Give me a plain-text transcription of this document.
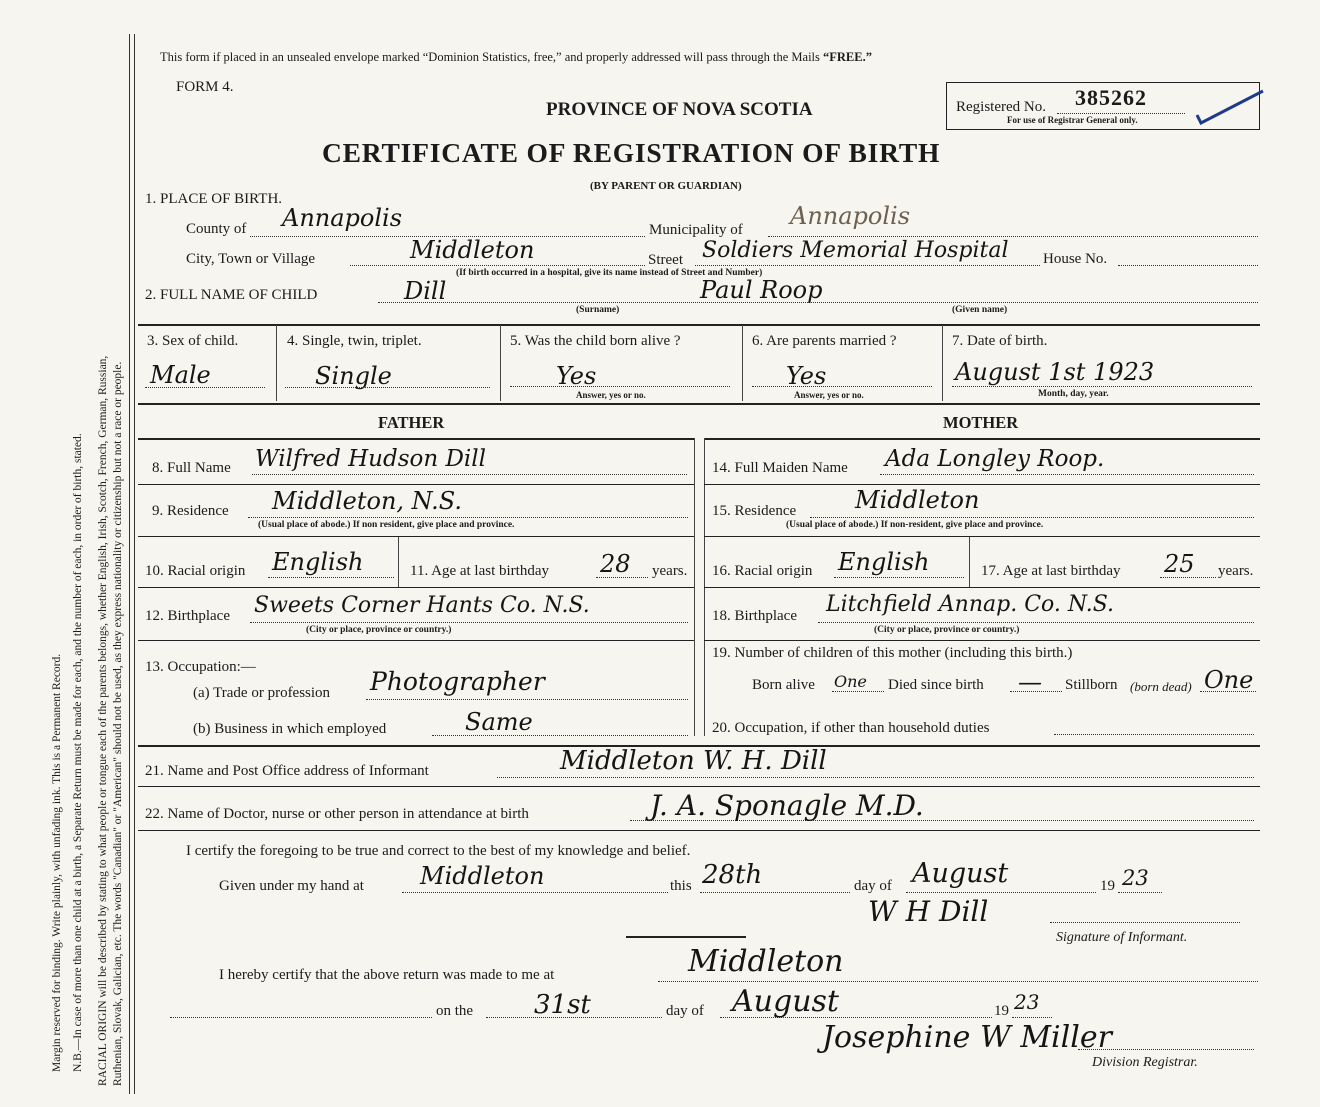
Margin reserved for binding. Write plainly, with unfading ink. This is a Permanent Record. N.B.—In case of more than one child at a birth, a Separate Return must be made for each, and the number of each, in order of birth, stated. RACIAL ORIGIN will be described by stating to what people or tongue each of the parents belongs, whether English, Irish, Scotch, French, German, Russian, Ruthenian, Slovak, Galician, etc. The words "Canadian" or "American" should not be used, as they express nationality or citizenship but not a race or people.
This form if placed in an unsealed envelope marked “Dominion Statistics, free,” and properly addressed will pass through the Mails “FREE.”
FORM 4.
PROVINCE OF NOVA SCOTIA
CERTIFICATE OF REGISTRATION OF BIRTH
(BY PARENT OR GUARDIAN)
Registered No. 385262
For use of Registrar General only.
1. PLACE OF BIRTH.
County of Annapolis	Municipality of Annapolis
City, Town or Village	Middleton	Street Soldiers Memorial Hospital House No.
(If birth occurred in a hospital, give its name instead of Street and Number)
2. FULL NAME OF CHILD	Dill	Paul Roop
(Surname)	(Given name)
3. Sex of child.
Male
4. Single, twin, triplet.
Single
5. Was the child born alive ?
Yes
Answer, yes or no.
6. Are parents married ?
Yes
Answer, yes or no.
7. Date of birth.
August 1st 1923
Month, day, year.
FATHER	MOTHER
8. Full Name Wilfred Hudson Dill
9. Residence Middleton, N.S.
(Usual place of abode.) If non resident, give place and province.
10. Racial origin English	11. Age at last birthday 28 years.
12. Birthplace Sweets Corner Hants Co. N.S.
(City or place, province or country.)
13. Occupation:—
(a) Trade or profession Photographer
(b) Business in which employed	Same
14. Full Maiden Name Ada Longley Roop.
15. Residence Middleton
(Usual place of abode.) If non-resident, give place and province.
16. Racial origin English	17. Age at last birthday 25 years.
18. Birthplace Litchfield Annap. Co. N.S.
(City or place, province or country.)
19. Number of children of this mother (including this birth.)
Born alive One Died since birth — Stillborn (born dead) One
20. Occupation, if other than household duties
21. Name and Post Office address of Informant	Middleton W. H. Dill
22. Name of Doctor, nurse or other person in attendance at birth	J. A. Sponagle M.D.
I certify the foregoing to be true and correct to the best of my knowledge and belief.
Given under my hand at Middleton	this 28th	day of August	19 23
W H Dill
Signature of Informant.
I hereby certify that the above return was made to me at	Middleton
on the 31st	day of August	19 23
Josephine W Miller
Division Registrar.
